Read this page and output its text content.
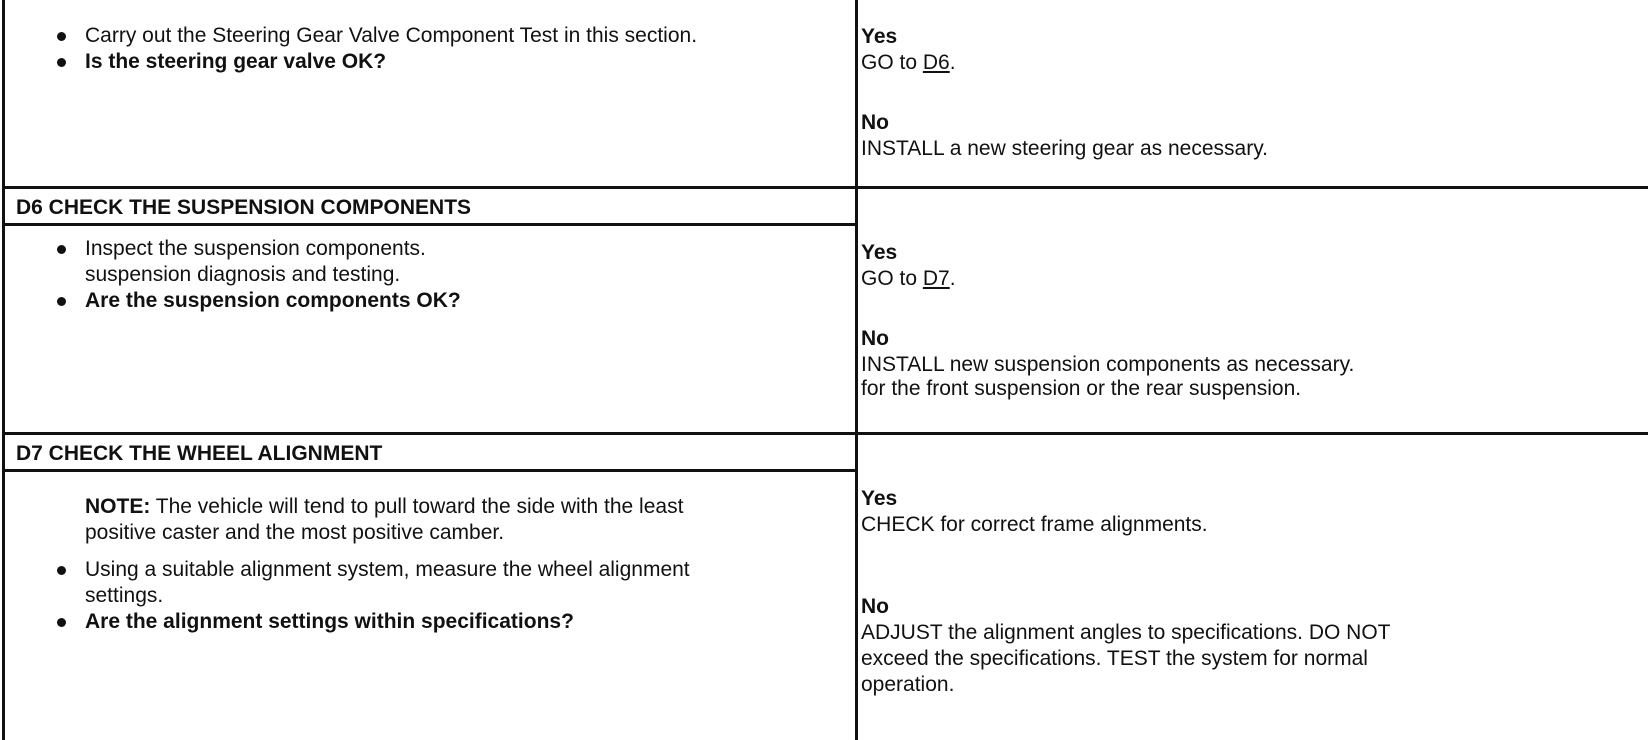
Carry out the Steering Gear Valve Component Test in this section.
Is the steering gear valve OK?
Yes
GO to D6.
No
INSTALL a new steering gear as necessary.
D6 CHECK THE SUSPENSION COMPONENTS
Inspect the suspension components.
suspension diagnosis and testing.
Are the suspension components OK?
Yes
GO to D7.
No
INSTALL new suspension components as necessary.
for the front suspension or the rear suspension.
D7 CHECK THE WHEEL ALIGNMENT
NOTE: The vehicle will tend to pull toward the side with the least
positive caster and the most positive camber.
Using a suitable alignment system, measure the wheel alignment
settings.
Are the alignment settings within specifications?
Yes
CHECK for correct frame alignments.
No
ADJUST the alignment angles to specifications. DO NOT
exceed the specifications. TEST the system for normal
operation.
